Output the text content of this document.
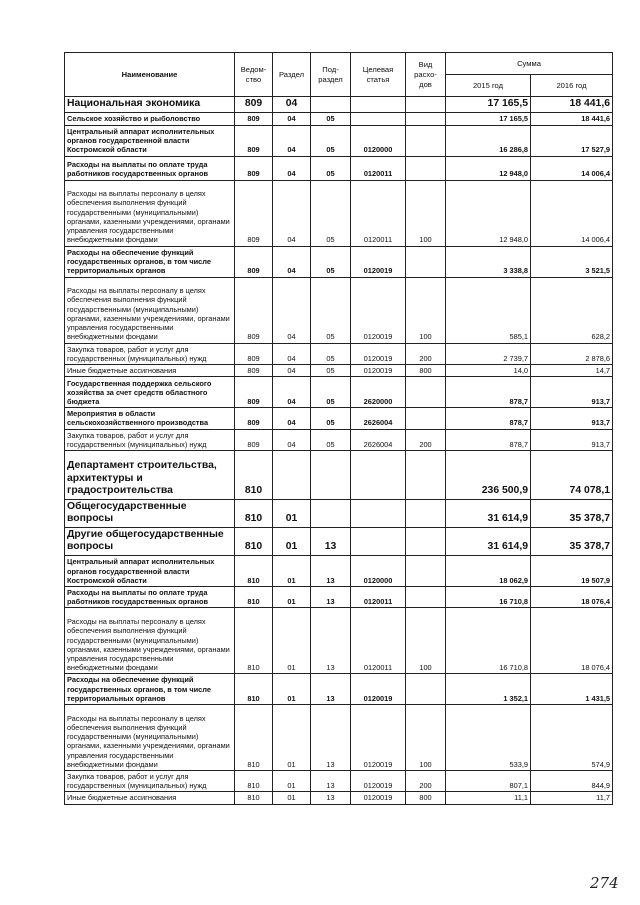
Наименование	Ведом-ство	Раздел	Под-раздел	Целевая статья	Вид расхо-дов	Сумма	
						2015 год	2016 год
Национальная экономика	809	04				17 165,5	18 441,6
Сельское хозяйство и рыболовство	809	04	05			17 165,5	18 441,6
Центральный аппарат исполнительных органов государственной власти Костромской области	809	04	05	0120000		16 286,8	17 527,9
Расходы на выплаты по оплате труда работников государственных органов	809	04	05	0120011		12 948,0	14 006,4
Расходы на выплаты персоналу в целях обеспечения выполнения функций государственными (муниципальными) органами, казенными учреждениями, органами управления государственными внебюджетными фондами	809	04	05	0120011	100	12 948,0	14 006,4
Расходы на обеспечение функций государственных органов, в том числе территориальных органов	809	04	05	0120019		3 338,8	3 521,5
Расходы на выплаты персоналу в целях обеспечения выполнения функций государственными (муниципальными) органами, казенными учреждениями, органами управления государственными внебюджетными фондами	809	04	05	0120019	100	585,1	628,2
Закупка товаров, работ и услуг для государственных (муниципальных) нужд	809	04	05	0120019	200	2 739,7	2 878,6
Иные бюджетные ассигнования	809	04	05	0120019	800	14,0	14,7
Государственная поддержка сельского хозяйства за счет средств областного бюджета	809	04	05	2620000		878,7	913,7
Мероприятия в области сельскохозяйственного производства	809	04	05	2626004		878,7	913,7
Закупка товаров, работ и услуг для государственных (муниципальных) нужд	809	04	05	2626004	200	878,7	913,7
Департамент строительства, архитектуры и градостроительства	810					236 500,9	74 078,1
Общегосударственные вопросы	810	01				31 614,9	35 378,7
Другие общегосударственные вопросы	810	01	13			31 614,9	35 378,7
Центральный аппарат исполнительных органов государственной власти Костромской области	810	01	13	0120000		18 062,9	19 507,9
Расходы на выплаты по оплате труда работников государственных органов	810	01	13	0120011		16 710,8	18 076,4
Расходы на выплаты персоналу в целях обеспечения выполнения функций государственными (муниципальными) органами, казенными учреждениями, органами управления государственными внебюджетными фондами	810	01	13	0120011	100	16 710,8	18 076,4
Расходы на обеспечение функций государственных органов, в том числе территориальных органов	810	01	13	0120019		1 352,1	1 431,5
Расходы на выплаты персоналу в целях обеспечения выполнения функций государственными (муниципальными) органами, казенными учреждениями, органами управления государственными внебюджетными фондами	810	01	13	0120019	100	533,9	574,9
Закупка товаров, работ и услуг для государственных (муниципальных) нужд	810	01	13	0120019	200	807,1	844,9
Иные бюджетные ассигнования	810	01	13	0120019	800	11,1	11,7
274
